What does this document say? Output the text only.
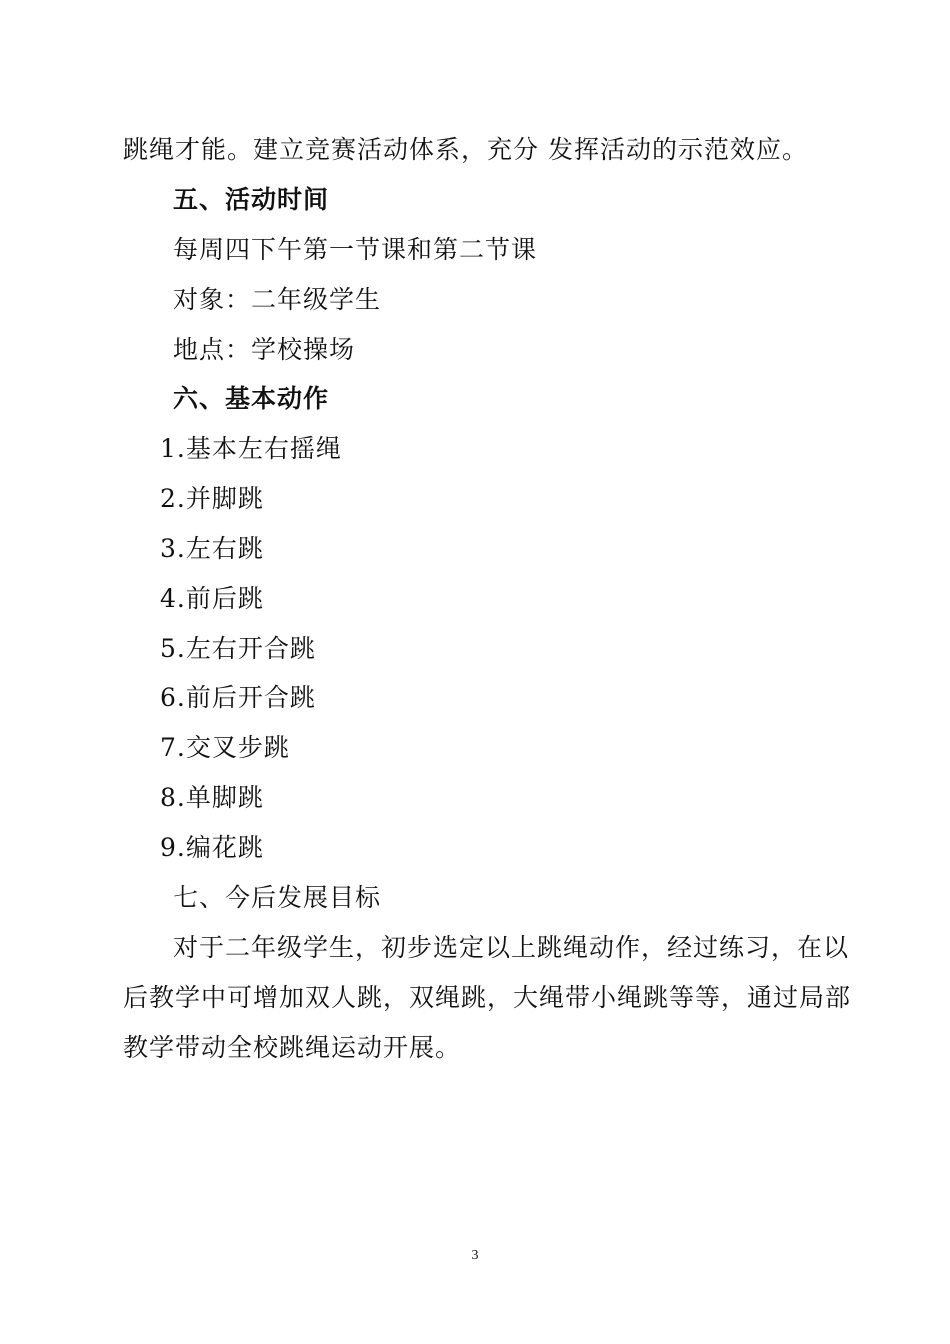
跳绳才能。建立竞赛活动体系，充分 发挥活动的示范效应。
五、活动时间
每周四下午第一节课和第二节课
对象：二年级学生
地点：学校操场
六、基本动作
1.基本左右摇绳
2.并脚跳
3.左右跳
4.前后跳
5.左右开合跳
6.前后开合跳
7.交叉步跳
8.单脚跳
9.编花跳
七、今后发展目标
对于二年级学生，初步选定以上跳绳动作，经过练习，在以
后教学中可增加双人跳，双绳跳，大绳带小绳跳等等，通过局部
教学带动全校跳绳运动开展。
3
